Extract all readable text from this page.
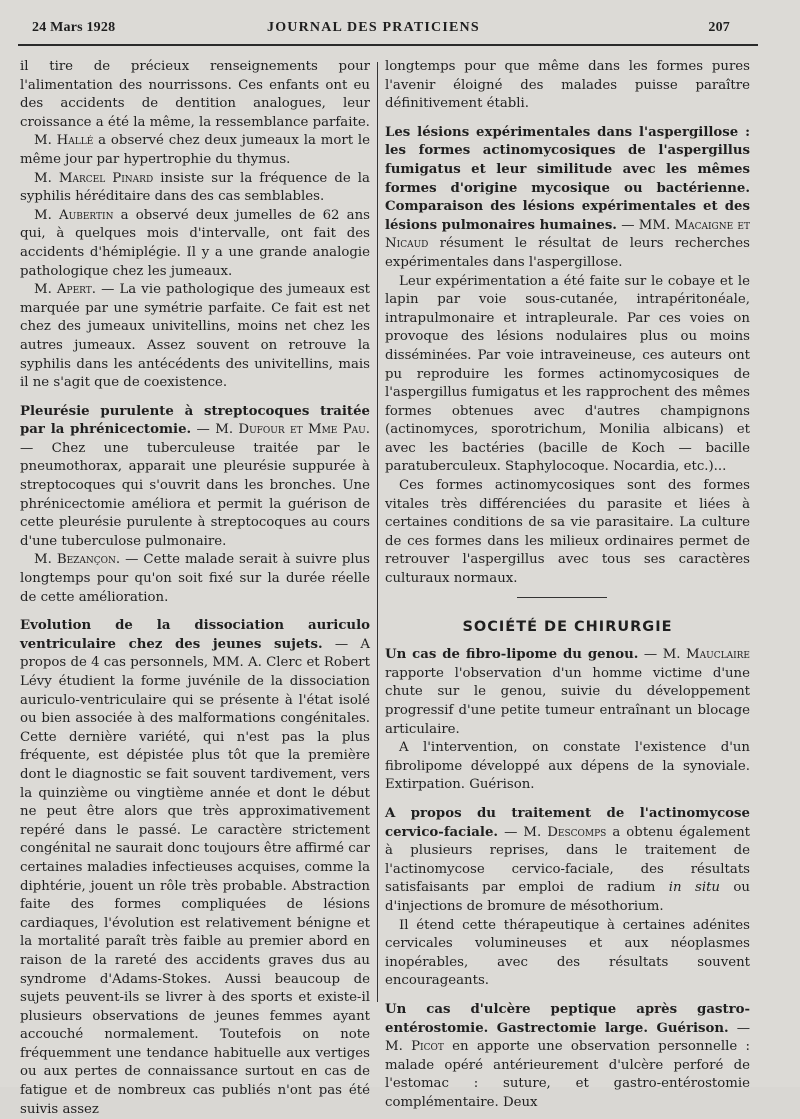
24 Mars 1928	JOURNAL DES PRATICIENS	207

il tire de précieux renseignements pour l'alimentation des nourrissons. Ces enfants ont eu des accidents de dentition analogues, leur croissance a été la même, la ressemblance parfaite.

M. Hallé a observé chez deux jumeaux la mort le même jour par hypertrophie du thymus.

M. Marcel Pinard insiste sur la fréquence de la syphilis héréditaire dans des cas semblables.

M. Aubertin a observé deux jumelles de 62 ans qui, à quelques mois d'intervalle, ont fait des accidents d'hémiplégie. Il y a une grande analogie pathologique chez les jumeaux.

M. Apert. — La vie pathologique des jumeaux est marquée par une symétrie parfaite. Ce fait est net chez des jumeaux univitellins, moins net chez les autres jumeaux. Assez souvent on retrouve la syphilis dans les antécédents des univitellins, mais il ne s'agit que de coexistence.

Pleurésie purulente à streptocoques traitée par la phrénicectomie. — M. Dufour et Mme Pau. — Chez une tuberculeuse traitée par le pneumothorax, apparait une pleurésie suppurée à streptocoques qui s'ouvrit dans les bronches. Une phrénicectomie améliora et permit la guérison de cette pleurésie purulente à streptocoques au cours d'une tuberculose pulmonaire.

M. Bezançon. — Cette malade serait à suivre plus longtemps pour qu'on soit fixé sur la durée réelle de cette amélioration.

Evolution de la dissociation auriculo ventriculaire chez des jeunes sujets. — A propos de 4 cas personnels, MM. A. Clerc et Robert Lévy étudient la forme juvénile de la dissociation auriculo-ventriculaire qui se présente à l'état isolé ou bien associée à des malformations congénitales. Cette dernière variété, qui n'est pas la plus fréquente, est dépistée plus tôt que la première dont le diagnostic se fait souvent tardivement, vers la quinzième ou vingtième année et dont le début ne peut être alors que très approximativement repéré dans le passé. Le caractère strictement congénital ne saurait donc toujours être affirmé car certaines maladies infectieuses acquises, comme la diphtérie, jouent un rôle très probable. Abstraction faite des formes compliquées de lésions cardiaques, l'évolution est relativement bénigne et la mortalité paraît très faible au premier abord en raison de la rareté des accidents graves dus au syndrome d'Adams-Stokes. Aussi beaucoup de sujets peuvent-ils se livrer à des sports et existe-il plusieurs observations de jeunes femmes ayant accouché normalement. Toutefois on note fréquemment une tendance habituelle aux vertiges ou aux pertes de connaissance surtout en cas de fatigue et de nombreux cas publiés n'ont pas été suivis assez

longtemps pour que même dans les formes pures l'avenir éloigné des malades puisse paraître définitivement établi.

Les lésions expérimentales dans l'aspergillose : les formes actinomycosiques de l'aspergillus fumigatus et leur similitude avec les mêmes formes d'origine mycosique ou bactérienne. Comparaison des lésions expérimentales et des lésions pulmonaires humaines. — MM. Macaigne et Nicaud résument le résultat de leurs recherches expérimentales dans l'aspergillose.

Leur expérimentation a été faite sur le cobaye et le lapin par voie sous-cutanée, intrapéritonéale, intrapulmonaire et intrapleurale. Par ces voies on provoque des lésions nodulaires plus ou moins disséminées. Par voie intraveineuse, ces auteurs ont pu reproduire les formes actinomycosiques de l'aspergillus fumigatus et les rapprochent des mêmes formes obtenues avec d'autres champignons (actinomyces, sporotrichum, Monilia albicans) et avec les bactéries (bacille de Koch — bacille paratuberculeux. Staphylocoque. Nocardia, etc.)...

Ces formes actinomycosiques sont des formes vitales très différenciées du parasite et liées à certaines conditions de sa vie parasitaire. La culture de ces formes dans les milieux ordinaires permet de retrouver l'aspergillus avec tous ses caractères culturaux normaux.

SOCIÉTÉ DE CHIRURGIE

Un cas de fibro-lipome du genou. — M. Mauclaire rapporte l'observation d'un homme victime d'une chute sur le genou, suivie du développement progressif d'une petite tumeur entraînant un blocage articulaire.

A l'intervention, on constate l'existence d'un fibrolipome développé aux dépens de la synoviale. Extirpation. Guérison.

A propos du traitement de l'actinomycose cervico-faciale. — M. Descomps a obtenu également à plusieurs reprises, dans le traitement de l'actinomycose cervico-faciale, des résultats satisfaisants par emploi de radium in situ ou d'injections de bromure de mésothorium.

Il étend cette thérapeutique à certaines adénites cervicales volumineuses et aux néoplasmes inopérables, avec des résultats souvent encourageants.

Un cas d'ulcère peptique après gastro-entérostomie. Gastrectomie large. Guérison. — M. Picot en apporte une observation personnelle : malade opéré antérieurement d'ulcère perforé de l'estomac : suture, et gastro-entérostomie complémentaire. Deux
